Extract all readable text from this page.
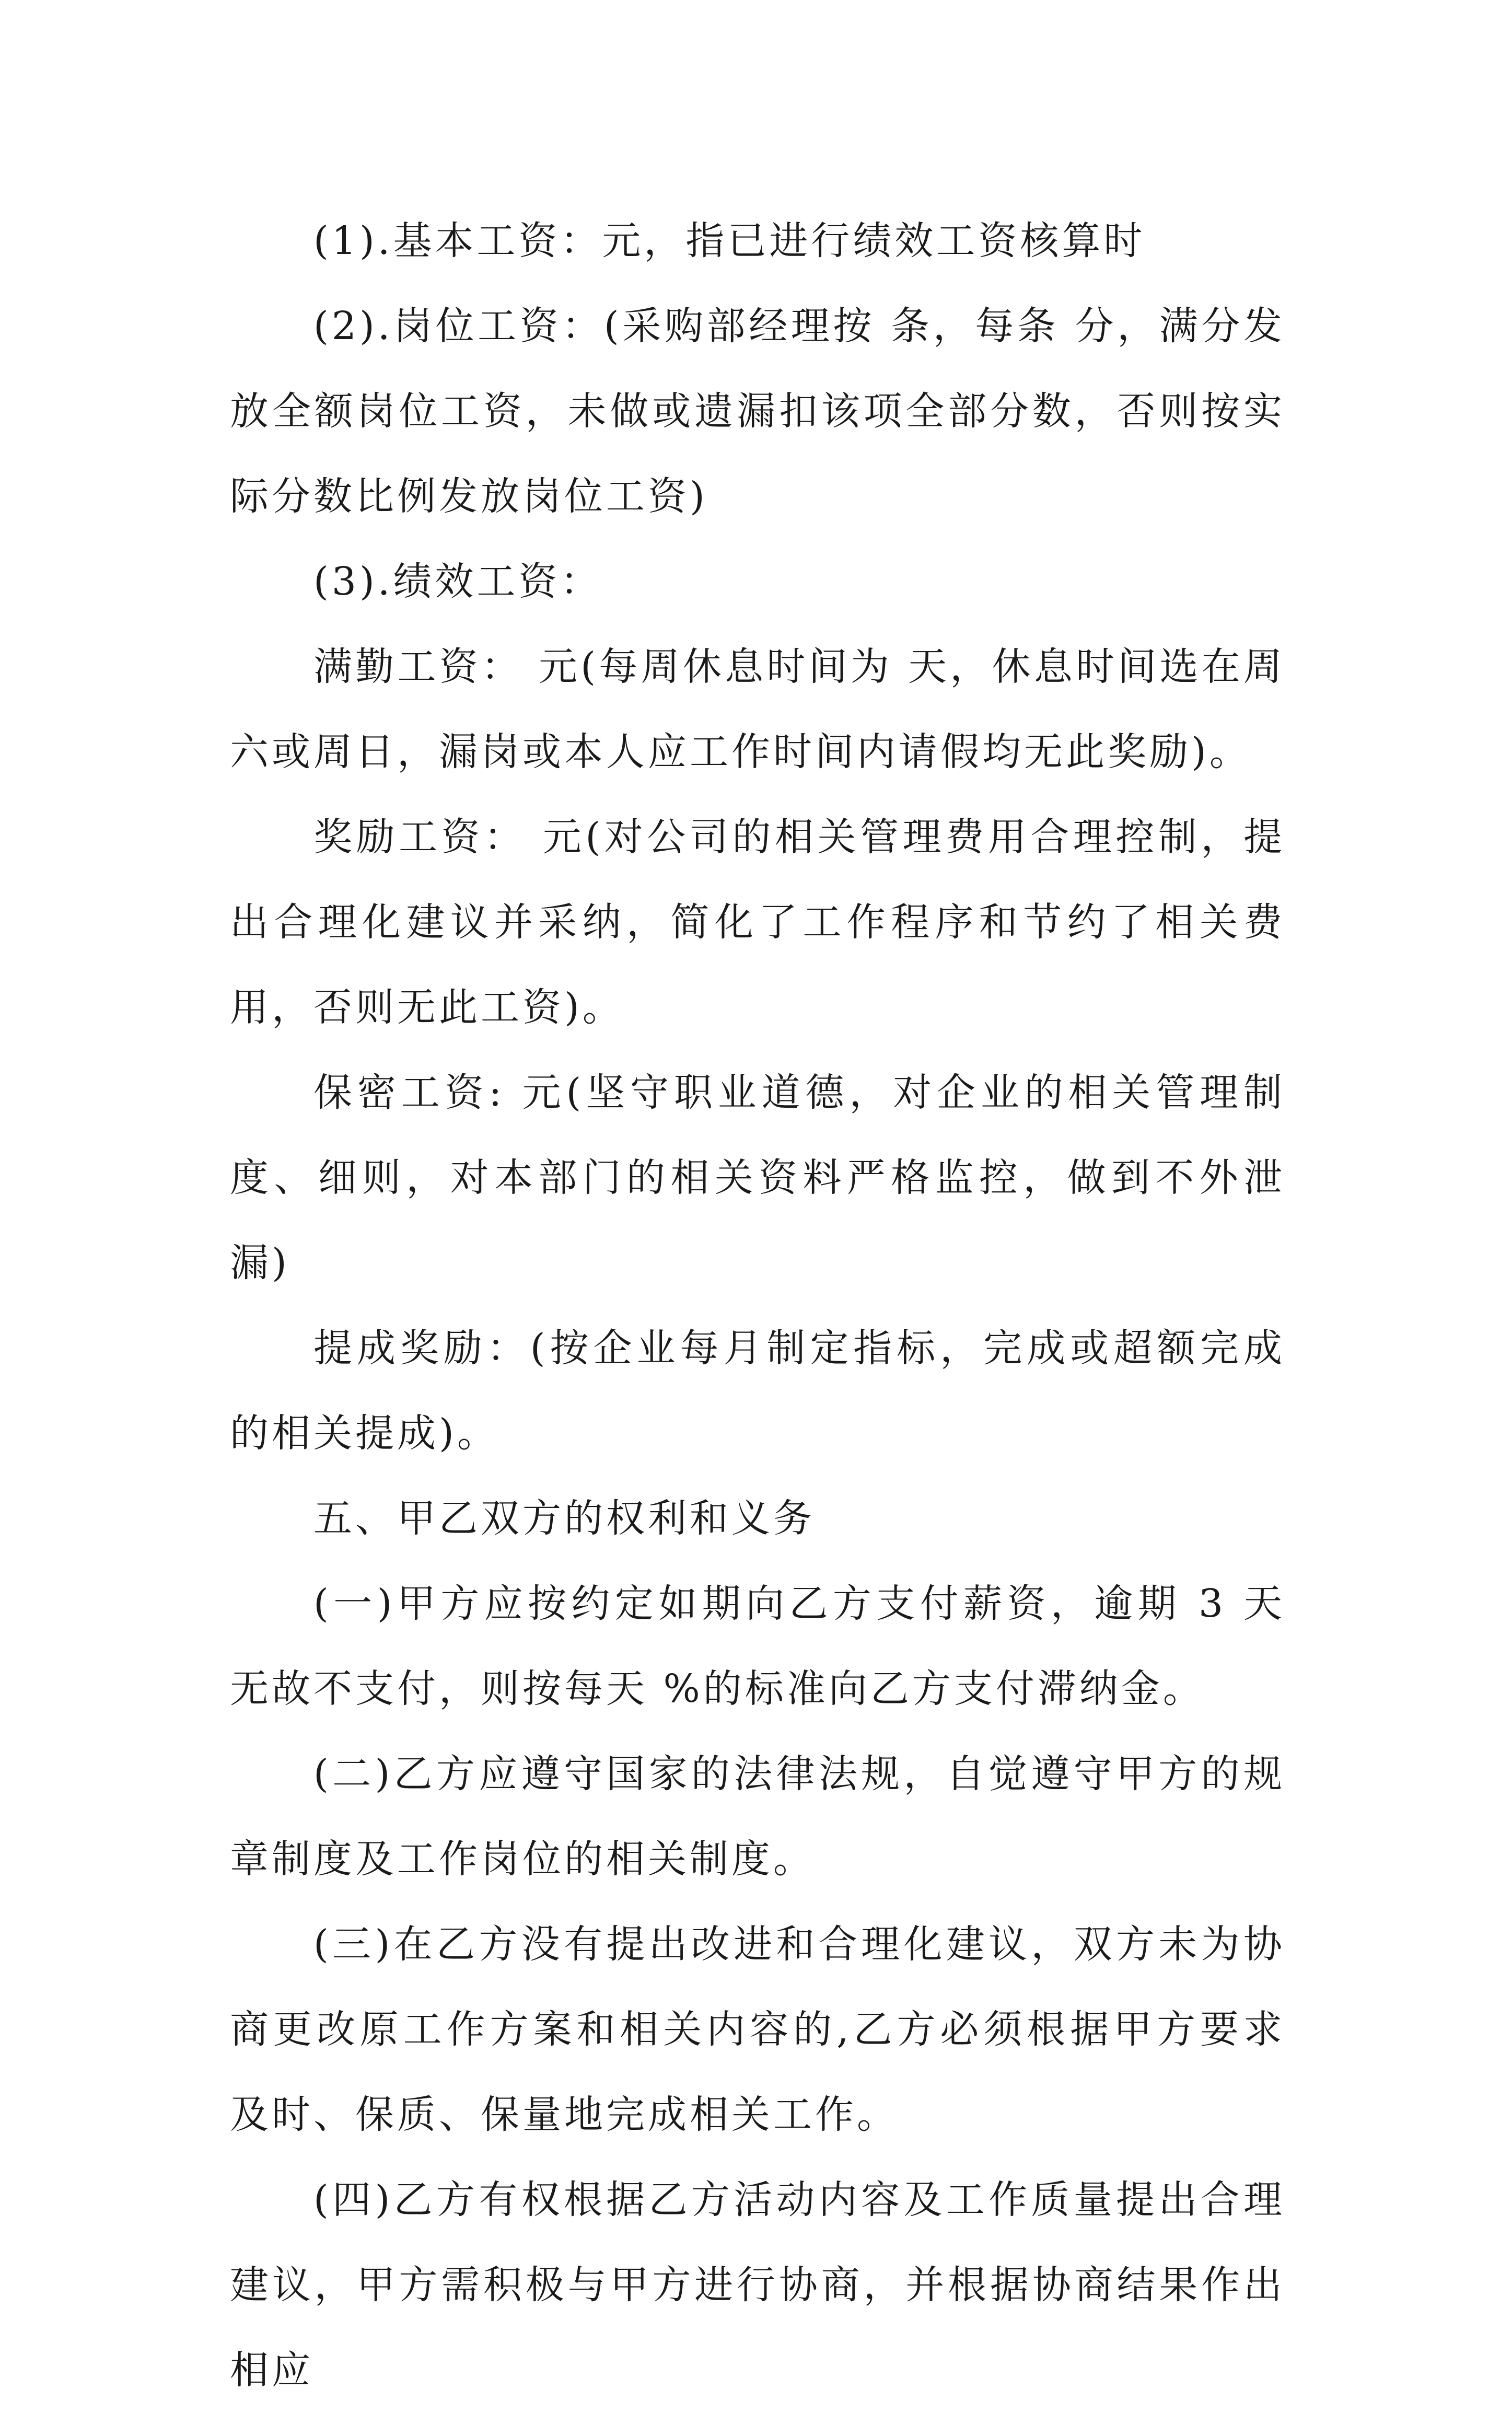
(1).基本工资：元，指已进行绩效工资核算时

(2).岗位工资：(采购部经理按 条，每条 分，满分发放全额岗位工资，未做或遗漏扣该项全部分数，否则按实际分数比例发放岗位工资)

(3).绩效工资：

满勤工资： 元(每周休息时间为 天，休息时间选在周六或周日，漏岗或本人应工作时间内请假均无此奖励)。

奖励工资： 元(对公司的相关管理费用合理控制，提出合理化建议并采纳，简化了工作程序和节约了相关费用，否则无此工资)。

保密工资: 元(坚守职业道德，对企业的相关管理制度、细则，对本部门的相关资料严格监控，做到不外泄漏)

提成奖励：(按企业每月制定指标，完成或超额完成的相关提成)。

五、甲乙双方的权利和义务

(一)甲方应按约定如期向乙方支付薪资，逾期 3 天无故不支付，则按每天 %的标准向乙方支付滞纳金。

(二)乙方应遵守国家的法律法规，自觉遵守甲方的规章制度及工作岗位的相关制度。

(三)在乙方没有提出改进和合理化建议，双方未为协商更改原工作方案和相关内容的,乙方必须根据甲方要求及时、保质、保量地完成相关工作。

(四)乙方有权根据乙方活动内容及工作质量提出合理建议，甲方需积极与甲方进行协商，并根据协商结果作出相应
